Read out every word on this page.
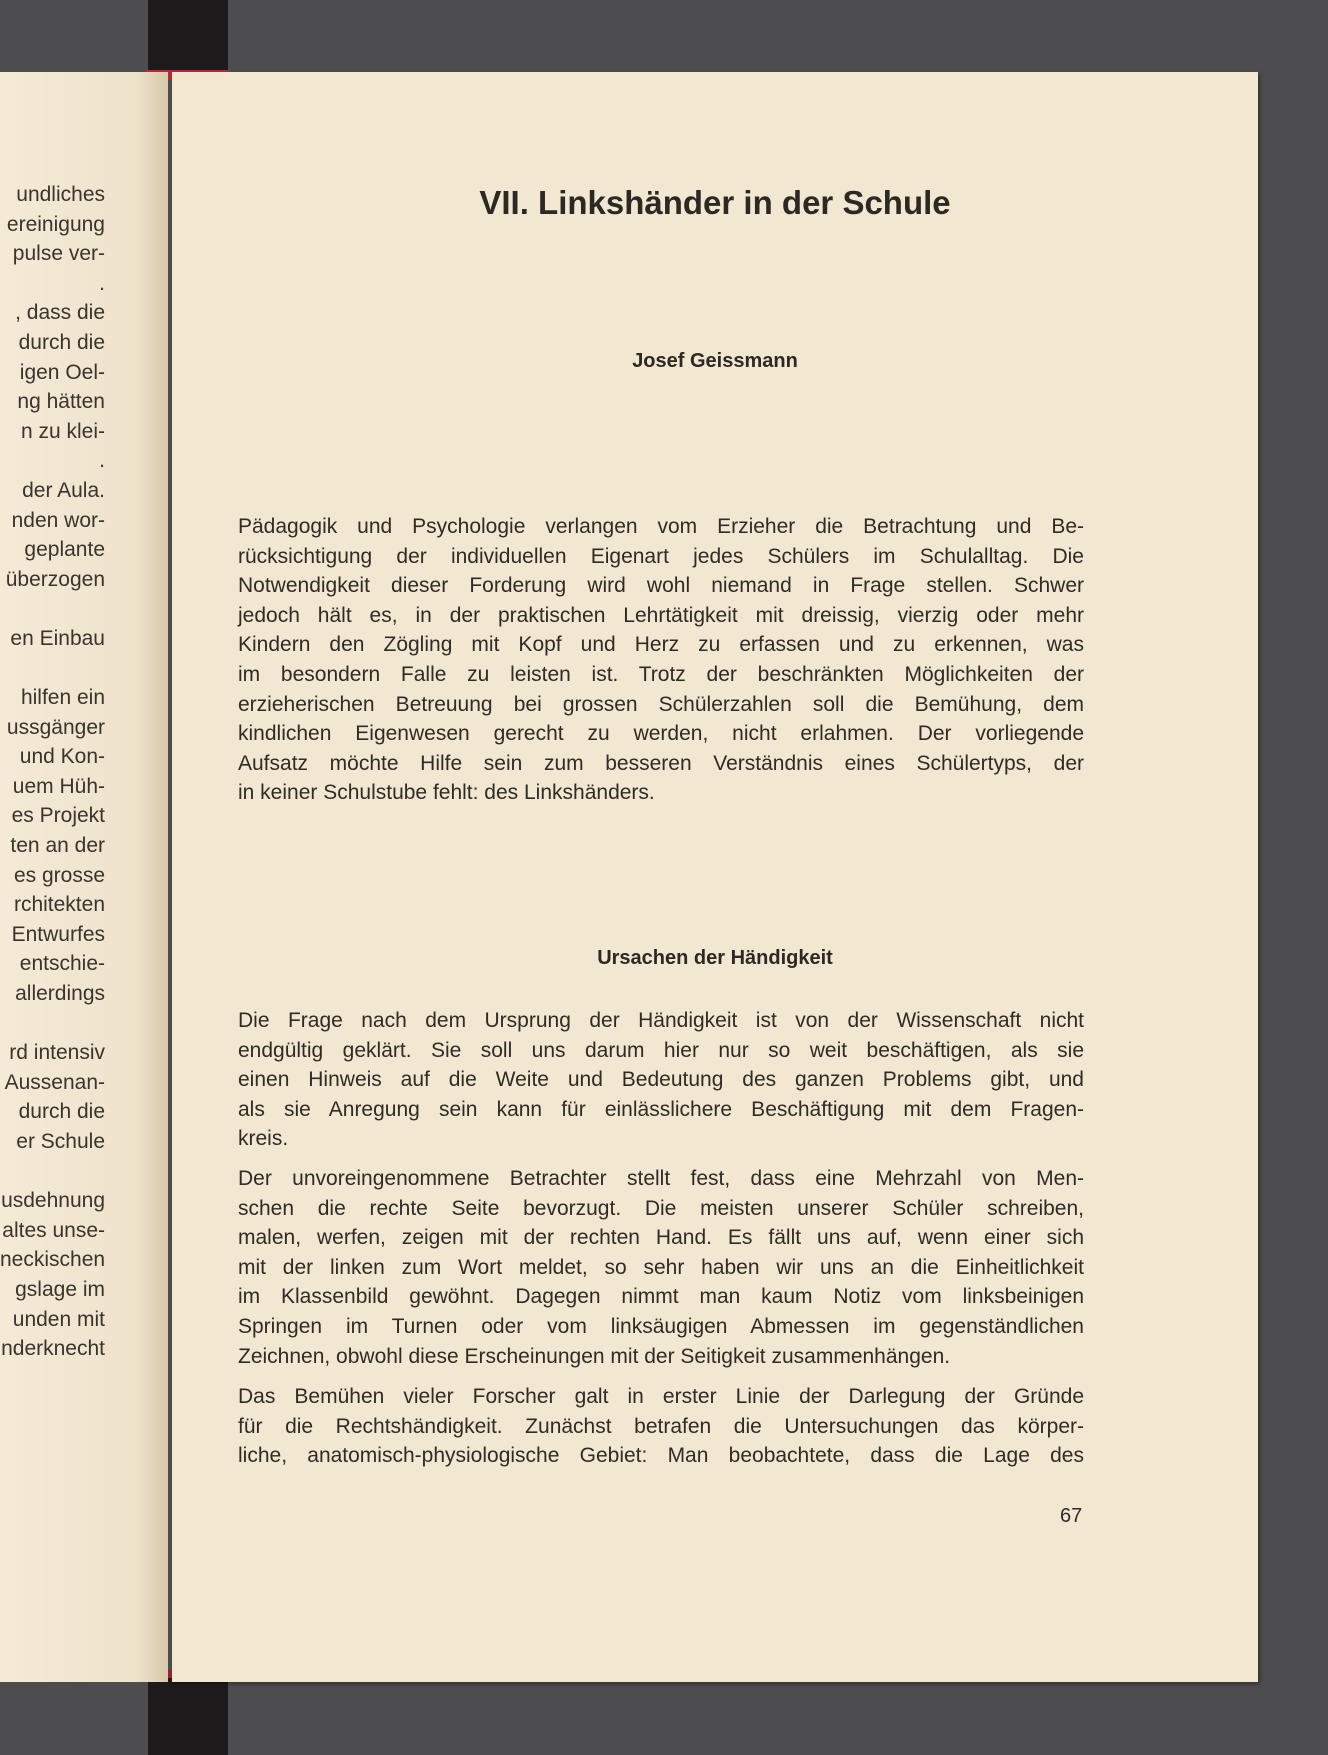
undliches
ereinigung
pulse ver-
.
, dass die
durch die
igen Oel-
ng hätten
n zu klei-
.
der Aula.
nden wor-
geplante
überzogen
en Einbau
hilfen ein
ussgänger
und Kon-
uem Hüh-
es Projekt
ten an der
es grosse
rchitekten
Entwurfes
entschie-
allerdings
rd intensiv
Aussenan-
durch die
er Schule
usdehnung
altes unse-
neckischen
gslage im
unden mit
nderknecht
VII. Linkshänder in der Schule
Josef Geissmann
Pädagogik und Psychologie verlangen vom Erzieher die Betrachtung und Be-
rücksichtigung der individuellen Eigenart jedes Schülers im Schulalltag. Die
Notwendigkeit dieser Forderung wird wohl niemand in Frage stellen. Schwer
jedoch hält es, in der praktischen Lehrtätigkeit mit dreissig, vierzig oder mehr
Kindern den Zögling mit Kopf und Herz zu erfassen und zu erkennen, was
im besondern Falle zu leisten ist. Trotz der beschränkten Möglichkeiten der
erzieherischen Betreuung bei grossen Schülerzahlen soll die Bemühung, dem
kindlichen Eigenwesen gerecht zu werden, nicht erlahmen. Der vorliegende
Aufsatz möchte Hilfe sein zum besseren Verständnis eines Schülertyps, der
in keiner Schulstube fehlt: des Linkshänders.
Ursachen der Händigkeit
Die Frage nach dem Ursprung der Händigkeit ist von der Wissenschaft nicht
endgültig geklärt. Sie soll uns darum hier nur so weit beschäftigen, als sie
einen Hinweis auf die Weite und Bedeutung des ganzen Problems gibt, und
als sie Anregung sein kann für einlässlichere Beschäftigung mit dem Fragen-
kreis.
Der unvoreingenommene Betrachter stellt fest, dass eine Mehrzahl von Men-
schen die rechte Seite bevorzugt. Die meisten unserer Schüler schreiben,
malen, werfen, zeigen mit der rechten Hand. Es fällt uns auf, wenn einer sich
mit der linken zum Wort meldet, so sehr haben wir uns an die Einheitlichkeit
im Klassenbild gewöhnt. Dagegen nimmt man kaum Notiz vom linksbeinigen
Springen im Turnen oder vom linksäugigen Abmessen im gegenständlichen
Zeichnen, obwohl diese Erscheinungen mit der Seitigkeit zusammenhängen.
Das Bemühen vieler Forscher galt in erster Linie der Darlegung der Gründe
für die Rechtshändigkeit. Zunächst betrafen die Untersuchungen das körper-
liche, anatomisch-physiologische Gebiet: Man beobachtete, dass die Lage des
67
